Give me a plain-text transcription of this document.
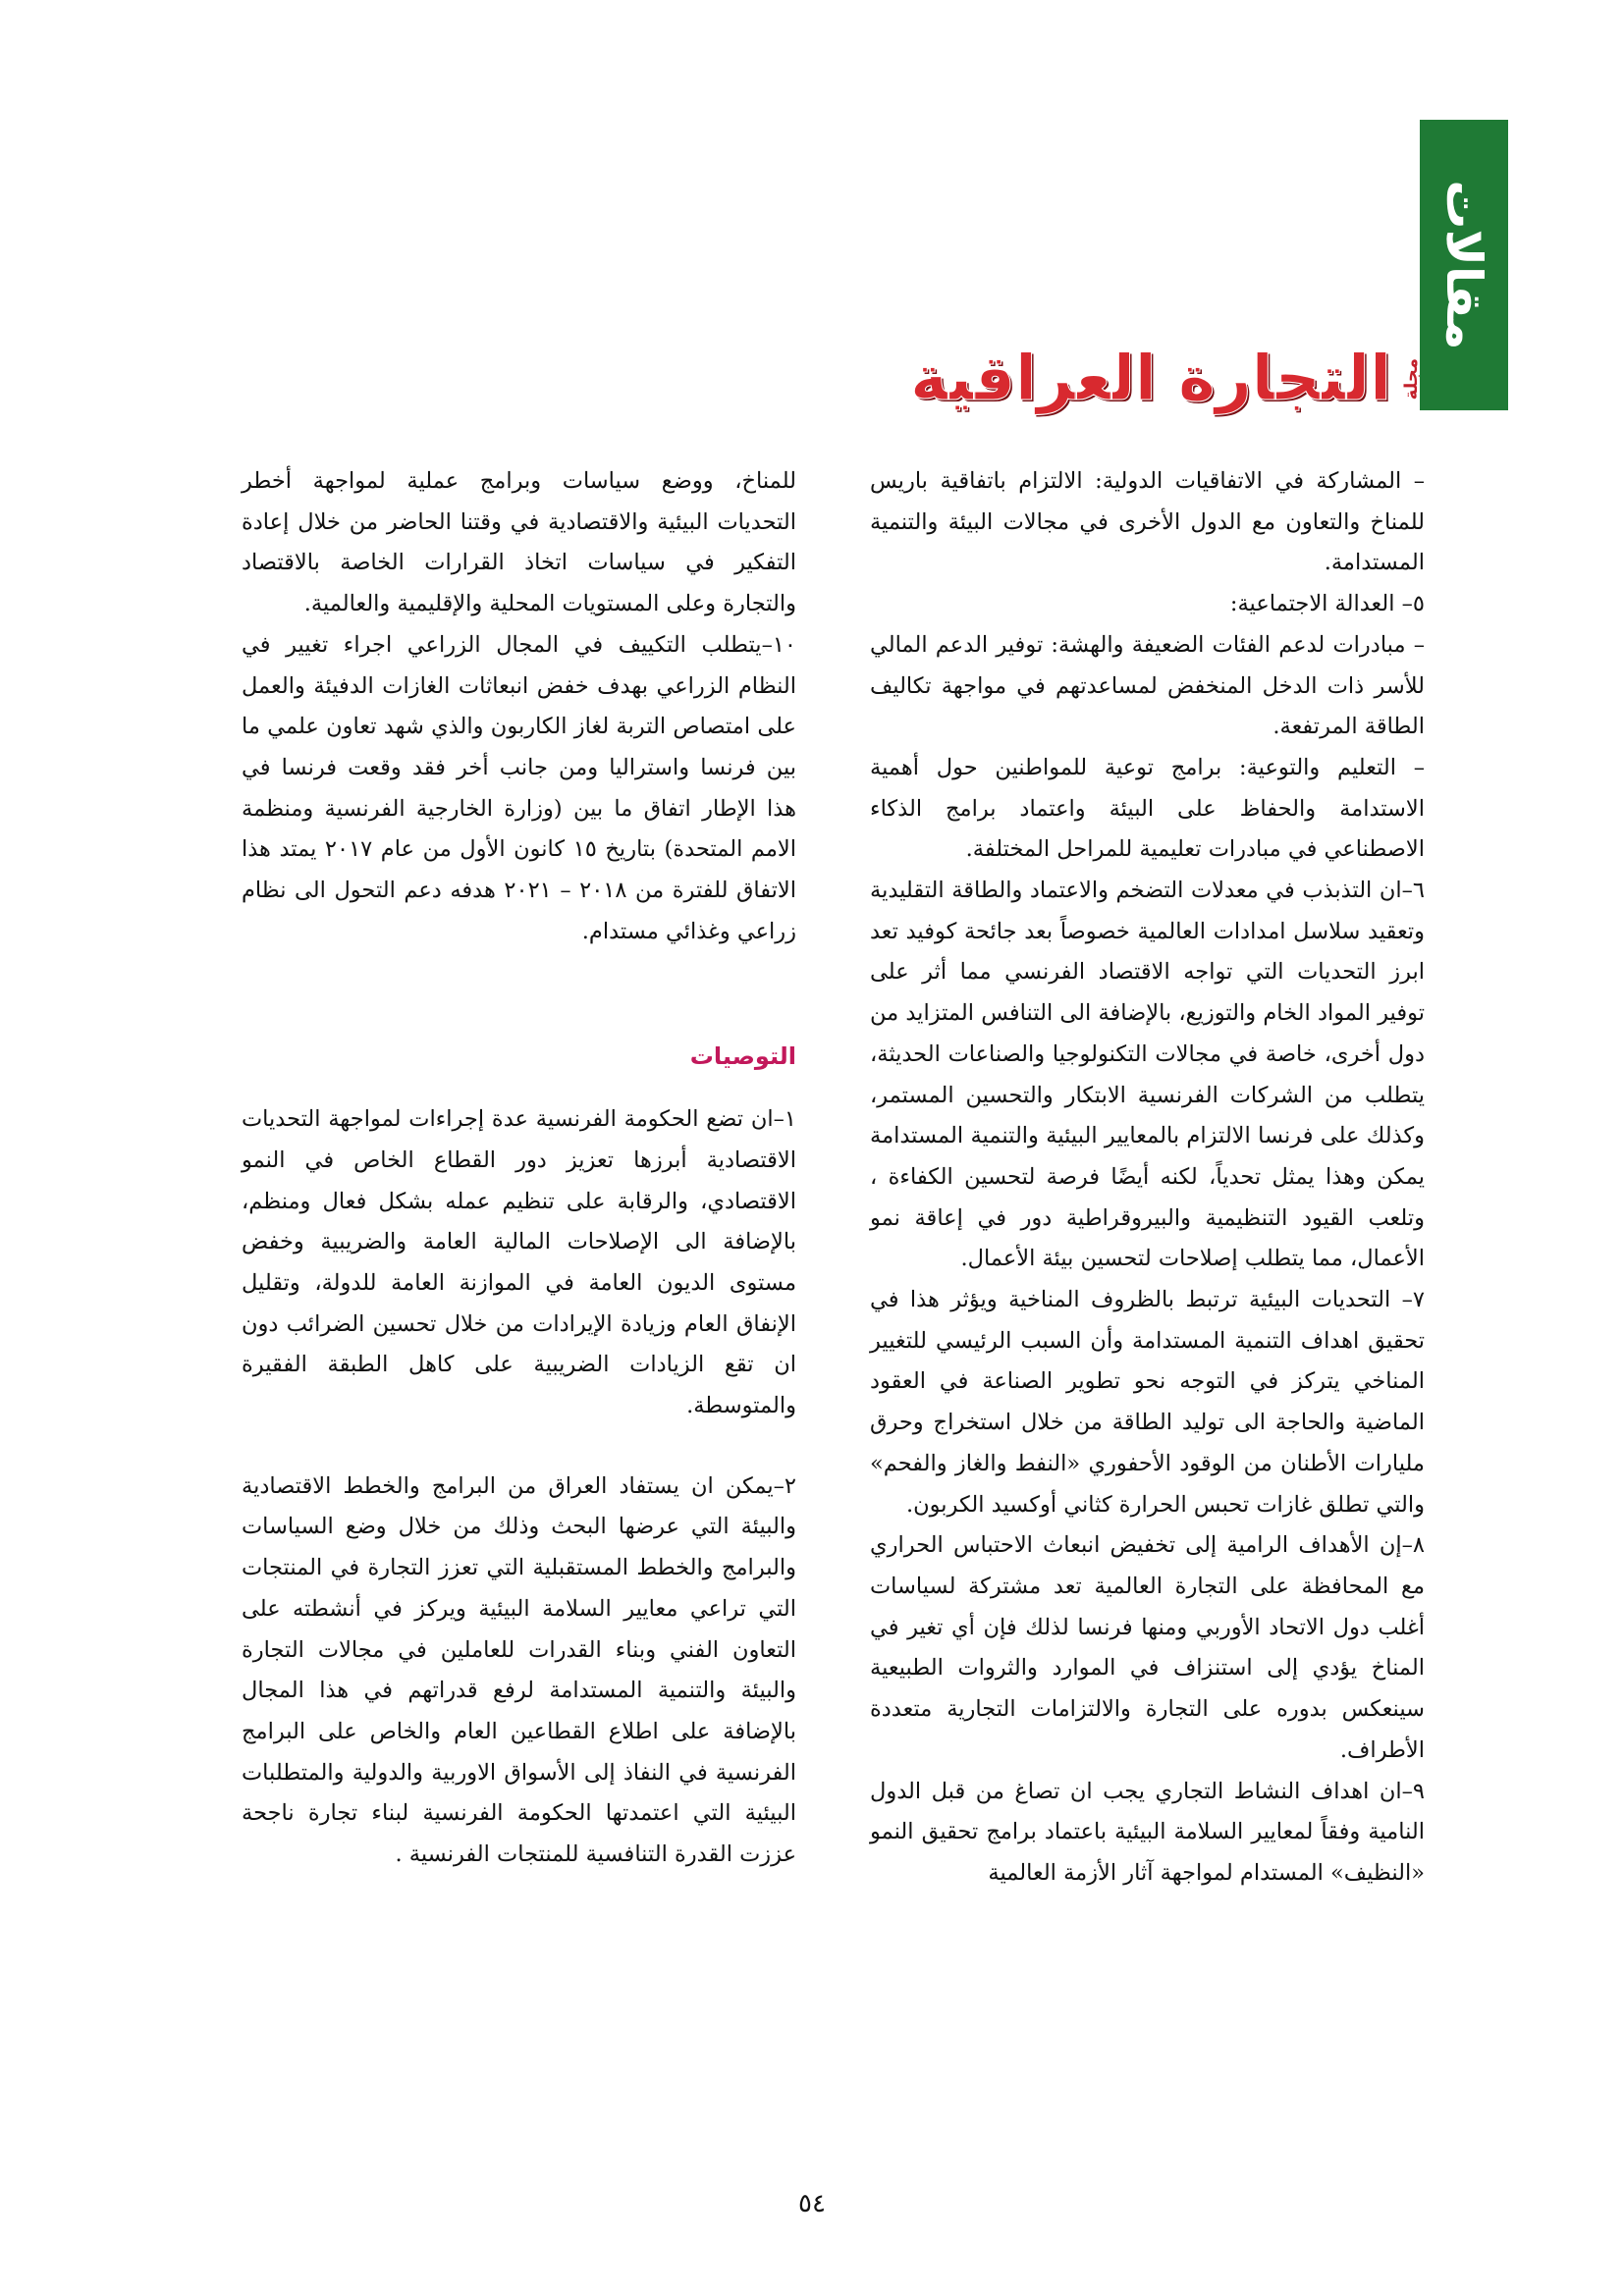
مقالات
مجلة
التجارة العراقية

– المشاركة في الاتفاقيات الدولية: الالتزام باتفاقية باريس للمناخ والتعاون مع الدول الأخرى في مجالات البيئة والتنمية المستدامة.

٥– العدالة الاجتماعية:

– مبادرات لدعم الفئات الضعيفة والهشة: توفير الدعم المالي للأسر ذات الدخل المنخفض لمساعدتهم في مواجهة تكاليف الطاقة المرتفعة.

– التعليم والتوعية: برامج توعية للمواطنين حول أهمية الاستدامة والحفاظ على البيئة واعتماد برامج الذكاء الاصطناعي في مبادرات تعليمية للمراحل المختلفة.

٦–ان التذبذب في معدلات التضخم والاعتماد والطاقة التقليدية وتعقيد سلاسل امدادات العالمية خصوصاً بعد جائحة كوفيد تعد ابرز التحديات التي تواجه الاقتصاد الفرنسي مما أثر على توفير المواد الخام والتوزيع، بالإضافة الى التنافس المتزايد من دول أخرى، خاصة في مجالات التكنولوجيا والصناعات الحديثة، يتطلب من الشركات الفرنسية الابتكار والتحسين المستمر، وكذلك على فرنسا الالتزام بالمعايير البيئية والتنمية المستدامة يمكن وهذا يمثل تحدياً، لكنه أيضًا فرصة لتحسين الكفاءة ، وتلعب القيود التنظيمية والبيروقراطية دور في إعاقة نمو الأعمال، مما يتطلب إصلاحات لتحسين بيئة الأعمال.

٧– التحديات البيئية ترتبط بالظروف المناخية ويؤثر هذا في تحقيق اهداف التنمية المستدامة وأن السبب الرئيسي للتغيير المناخي يتركز في التوجه نحو تطوير الصناعة في العقود الماضية والحاجة الى توليد الطاقة من خلال استخراج وحرق مليارات الأطنان من الوقود الأحفوري «النفط والغاز والفحم» والتي تطلق غازات تحبس الحرارة كثاني أوكسيد الكربون.

٨–إن الأهداف الرامية إلى تخفيض انبعاث الاحتباس الحراري مع المحافظة على التجارة العالمية تعد مشتركة لسياسات أغلب دول الاتحاد الأوربي ومنها فرنسا لذلك فإن أي تغير في المناخ يؤدي إلى استنزاف في الموارد والثروات الطبيعية سينعكس بدوره على التجارة والالتزامات التجارية متعددة الأطراف.

٩–ان اهداف النشاط التجاري يجب ان تصاغ من قبل الدول النامية وفقاً لمعايير السلامة البيئية باعتماد برامج تحقيق النمو «النظيف» المستدام لمواجهة آثار الأزمة العالمية

للمناخ، ووضع سياسات وبرامج عملية لمواجهة أخطر التحديات البيئية والاقتصادية في وقتنا الحاضر من خلال إعادة التفكير في سياسات اتخاذ القرارات الخاصة بالاقتصاد والتجارة وعلى المستويات المحلية والإقليمية والعالمية.

١٠–يتطلب التكييف في المجال الزراعي اجراء تغيير في النظام الزراعي بهدف خفض انبعاثات الغازات الدفيئة والعمل على امتصاص التربة لغاز الكاربون والذي شهد تعاون علمي ما بين فرنسا واستراليا ومن جانب أخر فقد وقعت فرنسا في هذا الإطار اتفاق ما بين (وزارة الخارجية الفرنسية ومنظمة الامم المتحدة) بتاريخ ١٥ كانون الأول من عام ٢٠١٧ يمتد هذا الاتفاق للفترة من ٢٠١٨ – ٢٠٢١ هدفه دعم التحول الى نظام زراعي وغذائي مستدام.

التوصيات

١–ان تضع الحكومة الفرنسية عدة إجراءات لمواجهة التحديات الاقتصادية أبرزها تعزيز دور القطاع الخاص في النمو الاقتصادي، والرقابة على تنظيم عمله بشكل فعال ومنظم، بالإضافة الى الإصلاحات المالية العامة والضريبية وخفض مستوى الديون العامة في الموازنة العامة للدولة، وتقليل الإنفاق العام وزيادة الإيرادات من خلال تحسين الضرائب دون ان تقع الزيادات الضريبية على كاهل الطبقة الفقيرة والمتوسطة.

٢–يمكن ان يستفاد العراق من البرامج والخطط الاقتصادية والبيئة التي عرضها البحث وذلك من خلال وضع السياسات والبرامج والخطط المستقبلية التي تعزز التجارة في المنتجات التي تراعي معايير السلامة البيئية ويركز في أنشطته على التعاون الفني وبناء القدرات للعاملين في مجالات التجارة والبيئة والتنمية المستدامة لرفع قدراتهم في هذا المجال بالإضافة على اطلاع القطاعين العام والخاص على البرامج الفرنسية في النفاذ إلى الأسواق الاوربية والدولية والمتطلبات البيئية التي اعتمدتها الحكومة الفرنسية لبناء تجارة ناجحة عززت القدرة التنافسية للمنتجات الفرنسية .

٥٤
